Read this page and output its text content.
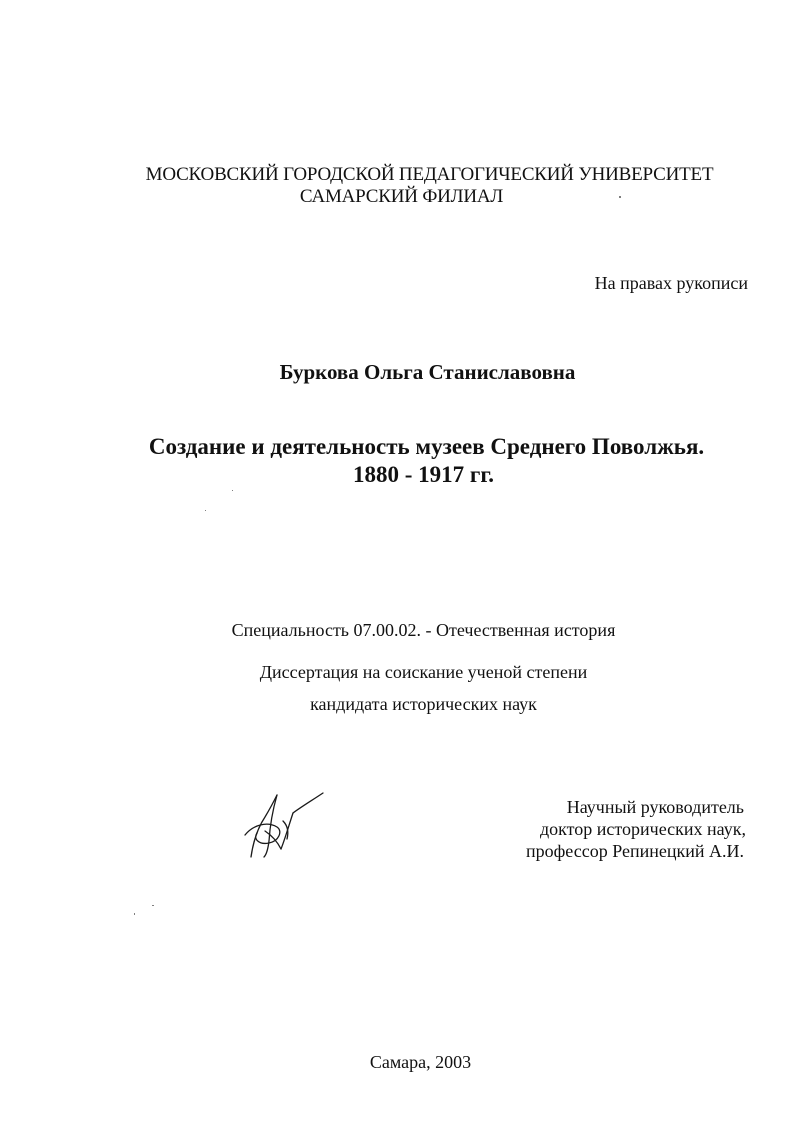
МОСКОВСКИЙ ГОРОДСКОЙ ПЕДАГОГИЧЕСКИЙ УНИВЕРСИТЕТ
САМАРСКИЙ ФИЛИАЛ
На правах рукописи
Буркова Ольга Станиславовна
Создание и деятельность музеев Среднего Поволжья.
1880 - 1917 гг.
Специальность 07.00.02. - Отечественная история
Диссертация на соискание ученой степени
кандидата исторических наук
Научный руководитель
доктор исторических наук,
профессор Репинецкий А.И.
Самара, 2003
